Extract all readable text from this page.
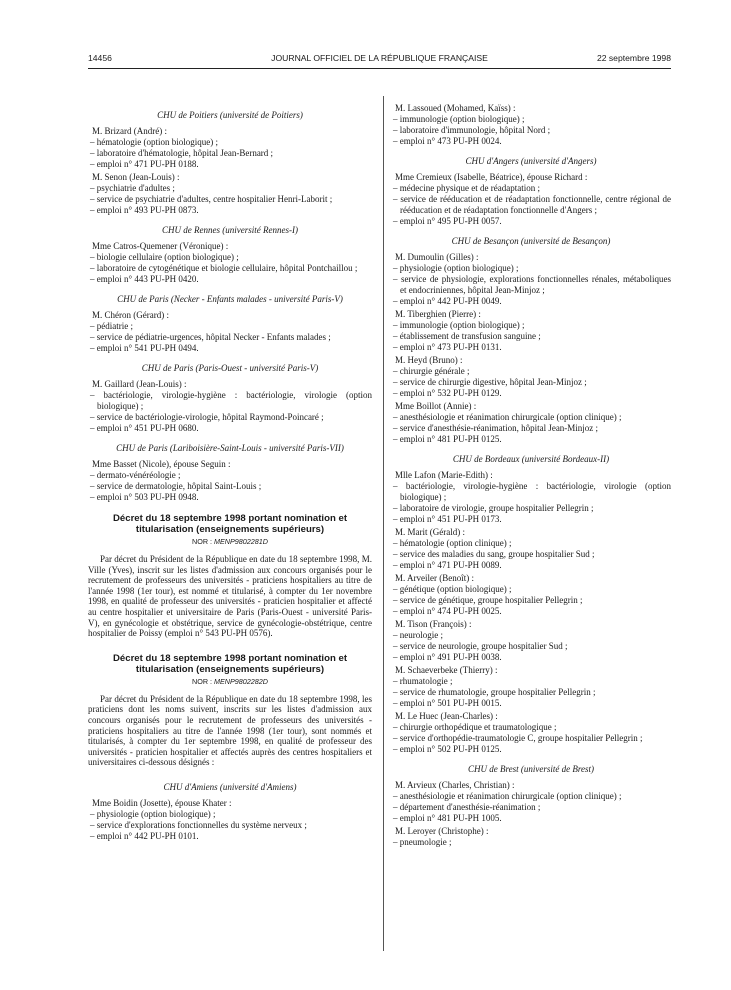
14456	JOURNAL OFFICIEL DE LA RÉPUBLIQUE FRANÇAISE	22 septembre 1998
CHU de Poitiers (université de Poitiers)
M. Brizard (André) :
– hématologie (option biologique) ;
– laboratoire d'hématologie, hôpital Jean-Bernard ;
– emploi n° 471 PU-PH 0188.
M. Senon (Jean-Louis) :
– psychiatrie d'adultes ;
– service de psychiatrie d'adultes, centre hospitalier Henri-Laborit ;
– emploi n° 493 PU-PH 0873.
CHU de Rennes (université Rennes-I)
Mme Catros-Quemener (Véronique) :
– biologie cellulaire (option biologique) ;
– laboratoire de cytogénétique et biologie cellulaire, hôpital Pontchaillou ;
– emploi n° 443 PU-PH 0420.
CHU de Paris (Necker - Enfants malades - université Paris-V)
M. Chéron (Gérard) :
– pédiatrie ;
– service de pédiatrie-urgences, hôpital Necker - Enfants malades ;
– emploi n° 541 PU-PH 0494.
CHU de Paris (Paris-Ouest - université Paris-V)
M. Gaillard (Jean-Louis) :
– bactériologie, virologie-hygiène : bactériologie, virologie (option biologique) ;
– service de bactériologie-virologie, hôpital Raymond-Poincaré ;
– emploi n° 451 PU-PH 0680.
CHU de Paris (Lariboisière-Saint-Louis - université Paris-VII)
Mme Basset (Nicole), épouse Seguin :
– dermato-vénéréologie ;
– service de dermatologie, hôpital Saint-Louis ;
– emploi n° 503 PU-PH 0948.
Décret du 18 septembre 1998 portant nomination et titularisation (enseignements supérieurs)
NOR : MENP9802281D
Par décret du Président de la République en date du 18 septembre 1998, M. Ville (Yves), inscrit sur les listes d'admission aux concours organisés pour le recrutement de professeurs des universités - praticiens hospitaliers au titre de l'année 1998 (1er tour), est nommé et titularisé, à compter du 1er novembre 1998, en qualité de professeur des universités - praticien hospitalier et affecté au centre hospitalier et universitaire de Paris (Paris-Ouest - université Paris-V), en gynécologie et obstétrique, service de gynécologie-obstétrique, centre hospitalier de Poissy (emploi n° 543 PU-PH 0576).
Décret du 18 septembre 1998 portant nomination et titularisation (enseignements supérieurs)
NOR : MENP9802282D
Par décret du Président de la République en date du 18 septembre 1998, les praticiens dont les noms suivent, inscrits sur les listes d'admission aux concours organisés pour le recrutement de professeurs des universités - praticiens hospitaliers au titre de l'année 1998 (1er tour), sont nommés et titularisés, à compter du 1er septembre 1998, en qualité de professeur des universités - praticien hospitalier et affectés auprès des centres hospitaliers et universitaires ci-dessous désignés :
CHU d'Amiens (université d'Amiens)
Mme Boidin (Josette), épouse Khater :
– physiologie (option biologique) ;
– service d'explorations fonctionnelles du système nerveux ;
– emploi n° 442 PU-PH 0101.
M. Lassoued (Mohamed, Kaïss) :
– immunologie (option biologique) ;
– laboratoire d'immunologie, hôpital Nord ;
– emploi n° 473 PU-PH 0024.
CHU d'Angers (université d'Angers)
Mme Cremieux (Isabelle, Béatrice), épouse Richard :
– médecine physique et de réadaptation ;
– service de rééducation et de réadaptation fonctionnelle, centre régional de rééducation et de réadaptation fonctionnelle d'Angers ;
– emploi n° 495 PU-PH 0057.
CHU de Besançon (université de Besançon)
M. Dumoulin (Gilles) :
– physiologie (option biologique) ;
– service de physiologie, explorations fonctionnelles rénales, métaboliques et endocriniennes, hôpital Jean-Minjoz ;
– emploi n° 442 PU-PH 0049.
M. Tiberghien (Pierre) :
– immunologie (option biologique) ;
– établissement de transfusion sanguine ;
– emploi n° 473 PU-PH 0131.
M. Heyd (Bruno) :
– chirurgie générale ;
– service de chirurgie digestive, hôpital Jean-Minjoz ;
– emploi n° 532 PU-PH 0129.
Mme Boillot (Annie) :
– anesthésiologie et réanimation chirurgicale (option clinique) ;
– service d'anesthésie-réanimation, hôpital Jean-Minjoz ;
– emploi n° 481 PU-PH 0125.
CHU de Bordeaux (université Bordeaux-II)
Mlle Lafon (Marie-Edith) :
– bactériologie, virologie-hygiène : bactériologie, virologie (option biologique) ;
– laboratoire de virologie, groupe hospitalier Pellegrin ;
– emploi n° 451 PU-PH 0173.
M. Marit (Gérald) :
– hématologie (option clinique) ;
– service des maladies du sang, groupe hospitalier Sud ;
– emploi n° 471 PU-PH 0089.
M. Arveiler (Benoît) :
– génétique (option biologique) ;
– service de génétique, groupe hospitalier Pellegrin ;
– emploi n° 474 PU-PH 0025.
M. Tison (François) :
– neurologie ;
– service de neurologie, groupe hospitalier Sud ;
– emploi n° 491 PU-PH 0038.
M. Schaeverbeke (Thierry) :
– rhumatologie ;
– service de rhumatologie, groupe hospitalier Pellegrin ;
– emploi n° 501 PU-PH 0015.
M. Le Huec (Jean-Charles) :
– chirurgie orthopédique et traumatologique ;
– service d'orthopédie-traumatologie C, groupe hospitalier Pellegrin ;
– emploi n° 502 PU-PH 0125.
CHU de Brest (université de Brest)
M. Arvieux (Charles, Christian) :
– anesthésiologie et réanimation chirurgicale (option clinique) ;
– département d'anesthésie-réanimation ;
– emploi n° 481 PU-PH 1005.
M. Leroyer (Christophe) :
– pneumologie ;
